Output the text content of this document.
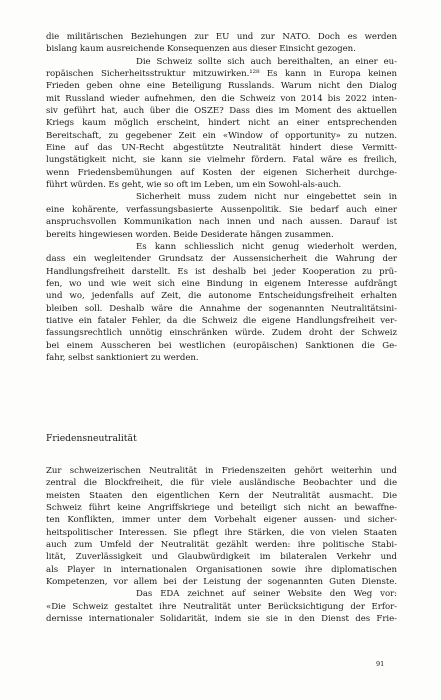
die militärischen Beziehungen zur EU und zur NATO. Doch es werden
bislang kaum ausreichende Konsequenzen aus dieser Einsicht gezogen.
Die Schweiz sollte sich auch bereithalten, an einer eu-
ropäischen Sicherheitsstruktur mitzuwirken.¹²⁸ Es kann in Europa keinen
Frieden geben ohne eine Beteiligung Russlands. Warum nicht den Dialog
mit Russland wieder aufnehmen, den die Schweiz von 2014 bis 2022 inten-
siv geführt hat, auch über die OSZE? Dass dies im Moment des aktuellen
Kriegs kaum möglich erscheint, hindert nicht an einer entsprechenden
Bereitschaft, zu gegebener Zeit ein «Window of opportunity» zu nutzen.
Eine auf das UN-Recht abgestützte Neutralität hindert diese Vermitt-
lungstätigkeit nicht, sie kann sie vielmehr fördern. Fatal wäre es freilich,
wenn Friedensbemühungen auf Kosten der eigenen Sicherheit durchge-
führt würden. Es geht, wie so oft im Leben, um ein Sowohl-als-auch.
Sicherheit muss zudem nicht nur eingebettet sein in
eine kohärente, verfassungsbasierte Aussenpolitik. Sie bedarf auch einer
anspruchsvollen Kommunikation nach innen und nach aussen. Darauf ist
bereits hingewiesen worden. Beide Desiderate hängen zusammen.
Es kann schliesslich nicht genug wiederholt werden,
dass ein wegleitender Grundsatz der Aussensicherheit die Wahrung der
Handlungsfreiheit darstellt. Es ist deshalb bei jeder Kooperation zu prü-
fen, wo und wie weit sich eine Bindung in eigenem Interesse aufdrängt
und wo, jedenfalls auf Zeit, die autonome Entscheidungsfreiheit erhalten
bleiben soll. Deshalb wäre die Annahme der sogenannten Neutralitätsini-
tiative ein fataler Fehler, da die Schweiz die eigene Handlungsfreiheit ver-
fassungsrechtlich unnötig einschränken würde. Zudem droht der Schweiz
bei einem Ausscheren bei westlichen (europäischen) Sanktionen die Ge-
fahr, selbst sanktioniert zu werden.
Friedensneutralität
Zur schweizerischen Neutralität in Friedenszeiten gehört weiterhin und
zentral die Blockfreiheit, die für viele ausländische Beobachter und die
meisten Staaten den eigentlichen Kern der Neutralität ausmacht. Die
Schweiz führt keine Angriffskriege und beteiligt sich nicht an bewaffne-
ten Konflikten, immer unter dem Vorbehalt eigener aussen- und sicher-
heitspolitischer Interessen. Sie pflegt ihre Stärken, die von vielen Staaten
auch zum Umfeld der Neutralität gezählt werden: ihre politische Stabi-
lität, Zuverlässigkeit und Glaubwürdigkeit im bilateralen Verkehr und
als Player in internationalen Organisationen sowie ihre diplomatischen
Kompetenzen, vor allem bei der Leistung der sogenannten Guten Dienste.
Das EDA zeichnet auf seiner Website den Weg vor:
«Die Schweiz gestaltet ihre Neutralität unter Berücksichtigung der Erfor-
dernisse internationaler Solidarität, indem sie sie in den Dienst des Frie-
91
